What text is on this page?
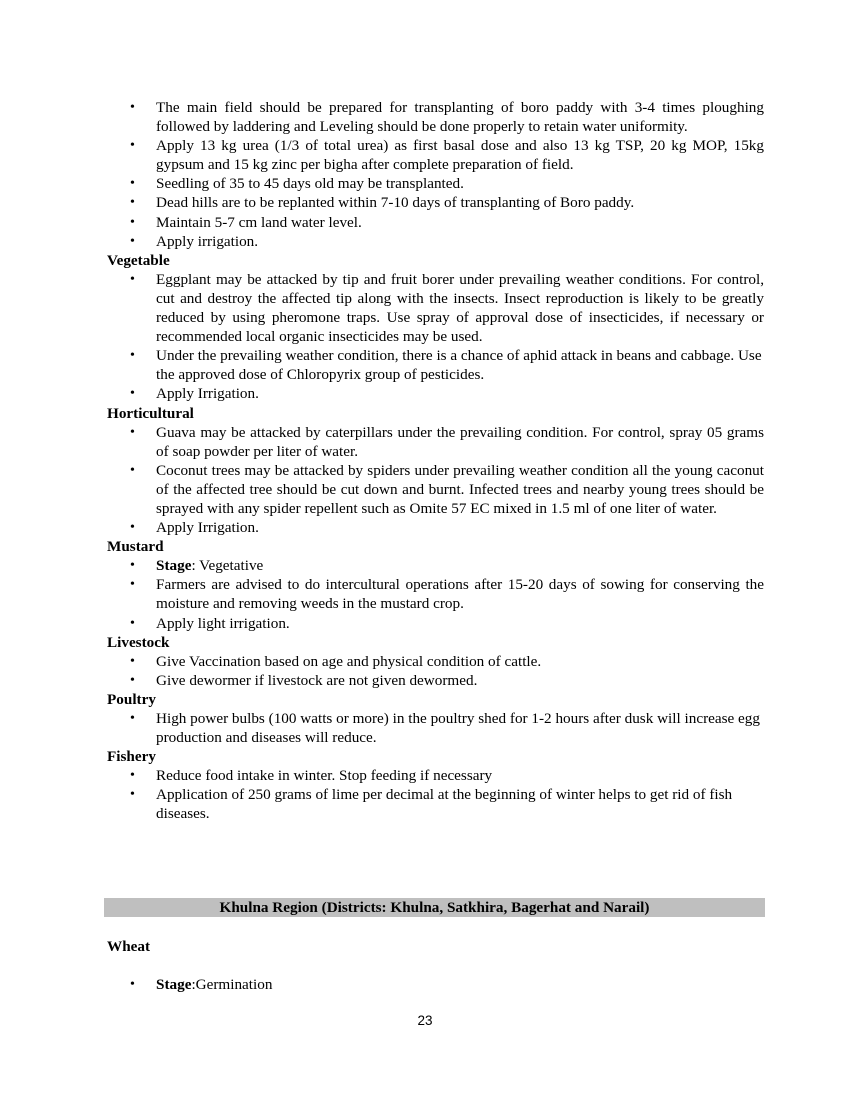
• The main field should be prepared for transplanting of boro paddy with 3-4 times ploughing followed by laddering and Leveling should be done properly to retain water uniformity.
• Apply 13 kg urea (1/3 of total urea) as first basal dose and also 13 kg TSP, 20 kg MOP, 15kg gypsum and 15 kg zinc per bigha after complete preparation of field.
• Seedling of 35 to 45 days old may be transplanted.
• Dead hills are to be replanted within 7-10 days of transplanting of Boro paddy.
• Maintain 5-7 cm land water level.
• Apply irrigation.

Vegetable

• Eggplant may be attacked by tip and fruit borer under prevailing weather conditions. For control, cut and destroy the affected tip along with the insects. Insect reproduction is likely to be greatly reduced by using pheromone traps. Use spray of approval dose of insecticides, if necessary or recommended local organic insecticides may be used.
• Under the prevailing weather condition, there is a chance of aphid attack in beans and cabbage. Use the approved dose of Chloropyrix group of pesticides.
• Apply Irrigation.

Horticultural

• Guava may be attacked by caterpillars under the prevailing condition. For control, spray 05 grams of soap powder per liter of water.
• Coconut trees may be attacked by spiders under prevailing weather condition all the young caconut of the affected tree should be cut down and burnt. Infected trees and nearby young trees should be sprayed with any spider repellent such as Omite 57 EC mixed in 1.5 ml of one liter of water.
• Apply Irrigation.

Mustard

• Stage: Vegetative
• Farmers are advised to do intercultural operations after 15-20 days of sowing for conserving the moisture and removing weeds in the mustard crop.
• Apply light irrigation.

Livestock

• Give Vaccination based on age and physical condition of cattle.
• Give dewormer if livestock are not given dewormed.

Poultry

• High power bulbs (100 watts or more) in the poultry shed for 1-2 hours after dusk will increase egg production and diseases will reduce.

Fishery

• Reduce food intake in winter. Stop feeding if necessary
• Application of 250 grams of lime per decimal at the beginning of winter helps to get rid of fish diseases.
Khulna Region (Districts: Khulna, Satkhira, Bagerhat and Narail)
Wheat
• Stage:Germination
23
